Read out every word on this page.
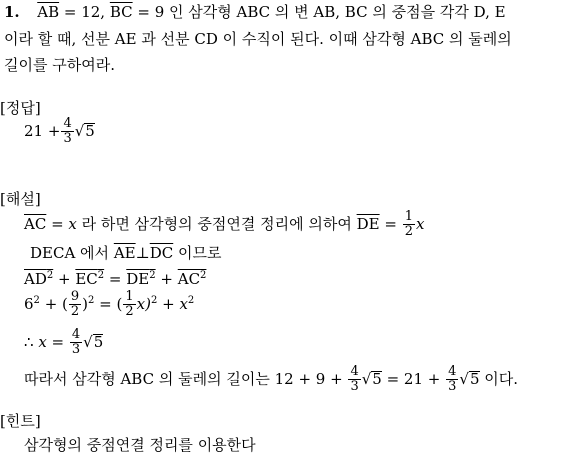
1. $\overline{AB} = 12$, $\overline{BC} = 9$ 인 삼각형 ABC 의 변 AB, BC 의 중점을 각각 D, E
이라 할 때, 선분 AE 과 선분 CD 이 수직이 된다. 이때 삼각형 ABC 의 둘레의
길이를 구하여라.
[정답]
$21 + \frac{4}{3}$ √ 5
[해설]
$\overline{AC} = x$ 라 하면 삼각형의 중점연결 정리에 의하여 $\overline{DE} = \frac{1}{2}$ x
DECA 에서 $\overline{AE}\perp\overline{DC}$ 이므로
$AD^2 + EC^2 = DE^2 + AC^2$
$6^2$ + ( $\frac{9}{2} )^2$ = ( $\frac{1}{2} x)^2 + x^2$
∴ $x = \frac{4}{3}$ √ 5
따라서 삼각형 ABC 의 둘레의 길이는 $12 + 9 + \frac{4}{3}$ √ $5 = 21 + \frac{4}{3}$ √ 5 이다.
[힌트]
삼각형의 중점연결 정리를 이용한다
